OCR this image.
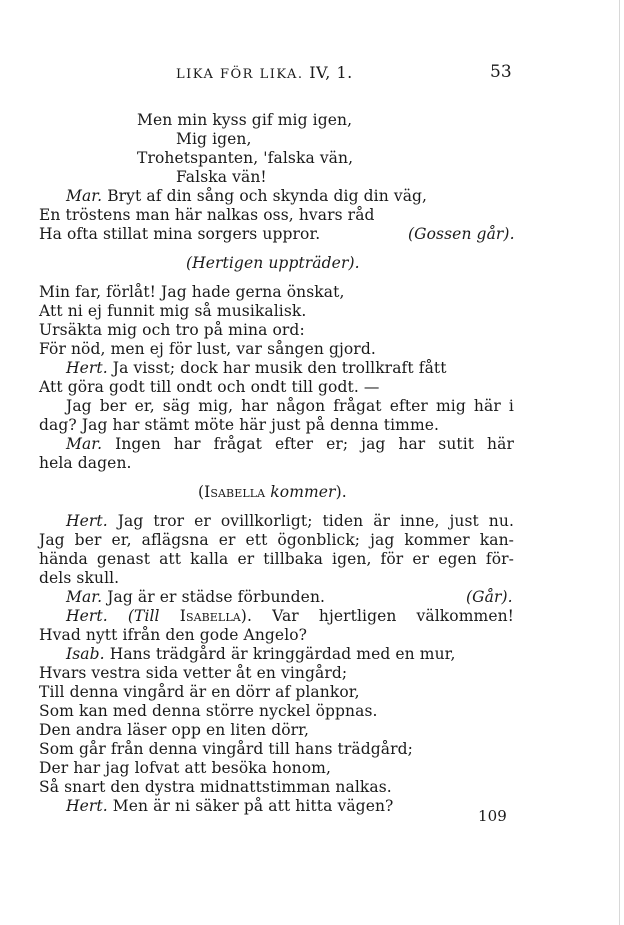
LIKA FÖR LIKA. IV, 1.	53
Men min kyss gif mig igen,
Mig igen,
Trohetspanten, 'falska vän,
Falska vän!
Mar. Bryt af din sång och skynda dig din väg,
En tröstens man här nalkas oss, hvars råd
Ha ofta stillat mina sorgers uppror.	(Gossen går).
(Hertigen uppträder).
Min far, förlåt! Jag hade gerna önskat,
Att ni ej funnit mig så musikalisk.
Ursäkta mig och tro på mina ord:
För nöd, men ej för lust, var sången gjord.
Hert. Ja visst; dock har musik den trollkraft fått
Att göra godt till ondt och ondt till godt. —
Jag ber er, säg mig, har någon frågat efter mig här i
dag? Jag har stämt möte här just på denna timme.
Mar. Ingen har frågat efter er; jag har sutit här
hela dagen.
(Isabella kommer).
Hert. Jag tror er ovillkorligt; tiden är inne, just nu.
Jag ber er, aflägsna er ett ögonblick; jag kommer kan-
hända genast att kalla er tillbaka igen, för er egen för-
dels skull.
Mar. Jag är er städse förbunden.	(Går).
Hert. (Till Isabella). Var hjertligen välkommen!
Hvad nytt ifrån den gode Angelo?
Isab. Hans trädgård är kringgärdad med en mur,
Hvars vestra sida vetter åt en vingård;
Till denna vingård är en dörr af plankor,
Som kan med denna större nyckel öppnas.
Den andra läser opp en liten dörr,
Som går från denna vingård till hans trädgård;
Der har jag lofvat att besöka honom,
Så snart den dystra midnattstimman nalkas.
Hert. Men är ni säker på att hitta vägen?
109
